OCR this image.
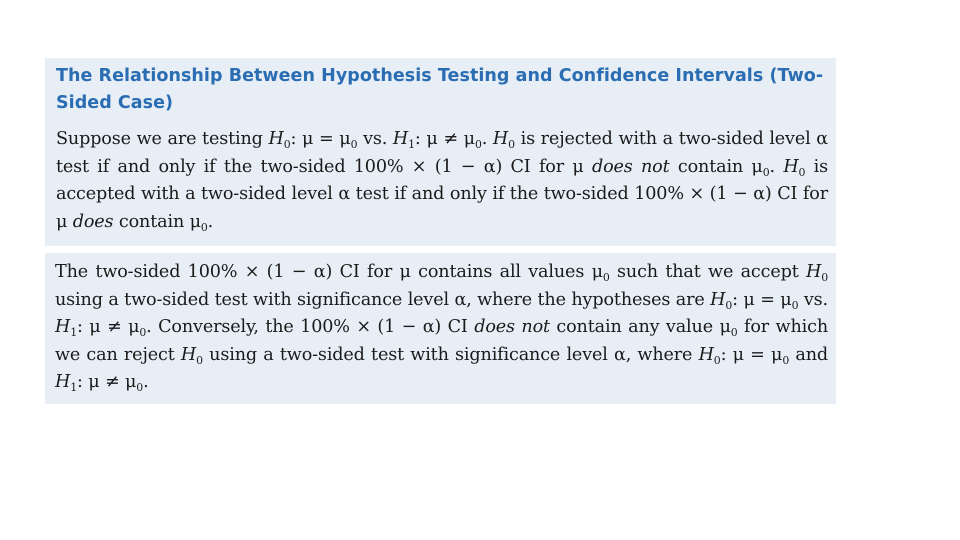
The Relationship Between Hypothesis Testing and Confidence Intervals (Two-Sided Case)

Suppose we are testing $H_0$: $\mu = \mu_0$ vs. $H_1$: $\mu \ne \mu_0$. $H_0$ is rejected with a two-sided level α test if and only if the two-sided 100% × (1 − α) CI for μ does not contain $\mu_0$. $H_0$ is accepted with a two-sided level α test if and only if the two-sided 100% × (1 − α) CI for μ does contain $\mu_0$.

The two-sided 100% × (1 − α) CI for μ contains all values $\mu_0$ such that we accept $H_0$ using a two-sided test with significance level α, where the hypotheses are $H_0$: $\mu = \mu_0$ vs. $H_1$: $\mu \ne \mu_0$. Conversely, the 100% × (1 − α) CI does not contain any value $\mu_0$ for which we can reject $H_0$ using a two-sided test with significance level α, where $H_0$: $\mu = \mu_0$ and $H_1$: $\mu \ne \mu_0$.
